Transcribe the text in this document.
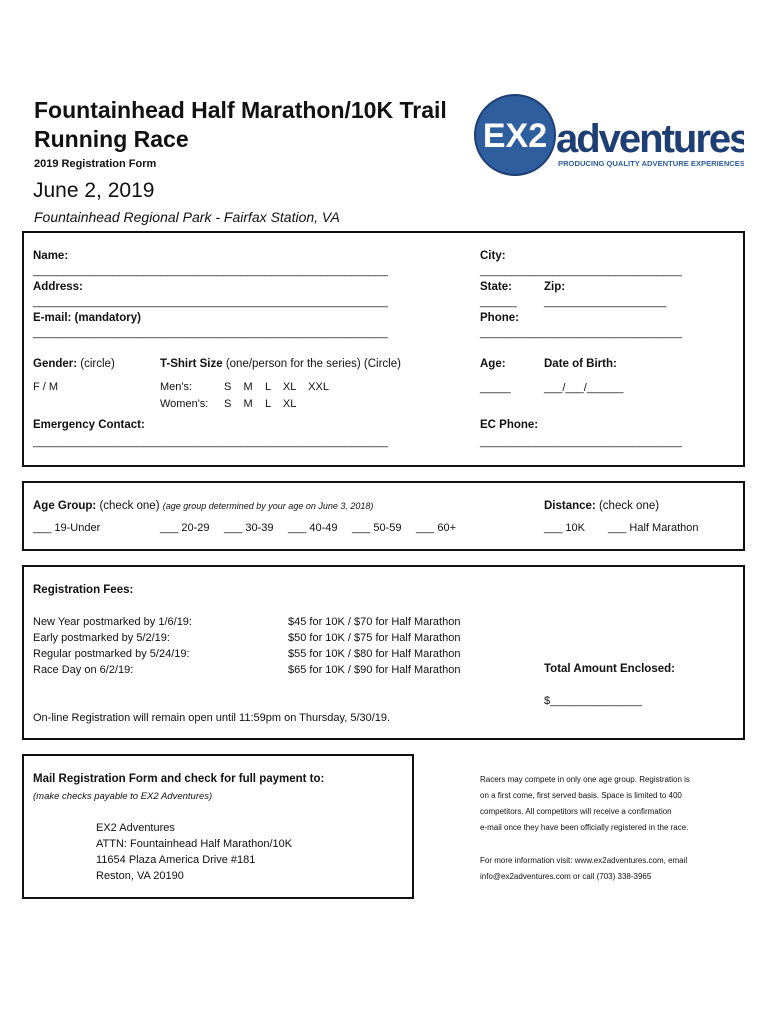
Fountainhead Half Marathon/10K Trail Running Race
2019 Registration Form
June 2, 2019
Fountainhead Regional Park - Fairfax Station, VA
EX2 adventures
PRODUCING QUALITY ADVENTURE EXPERIENCES
Name:
__________________________________________________________
Address:
__________________________________________________________
E-mail: (mandatory)
__________________________________________________________
City:
_________________________________
State:	Zip:
______ ____________________
Phone:
_________________________________
Gender: (circle)
F / M
T-Shirt Size (one/person for the series) (Circle)
Men's:	S    M    L    XL    XXL
Women's: S    M    L    XL
Age:
_____
Date of Birth:
___/___/______
Emergency Contact:
__________________________________________________________
EC Phone:
_________________________________
Age Group: (check one) (age group determined by your age on June 3, 2018)
___ 19-Under	___ 20-29 ___ 30-39 ___ 40-49 ___ 50-59 ___ 60+
Distance: (check one)
___ 10K ___ Half Marathon
Registration Fees:
New Year postmarked by 1/6/19:	$45 for 10K / $70 for Half Marathon
Early postmarked by 5/2/19:	$50 for 10K / $75 for Half Marathon
Regular postmarked by 5/24/19:	$55 for 10K / $80 for Half Marathon
Race Day on 6/2/19:	$65 for 10K / $90 for Half Marathon	Total Amount Enclosed:
$_______________
On-line Registration will remain open until 11:59pm on Thursday, 5/30/19.
Mail Registration Form and check for full payment to:
(make checks payable to EX2 Adventures)
EX2 Adventures
ATTN: Fountainhead Half Marathon/10K
11654 Plaza America Drive #181
Reston, VA 20190
Racers may compete in only one age group. Registration is
on a first come, first served basis. Space is limited to 400
competitors. All competitors will receive a confirmation
e-mail once they have been officially registered in the race.
For more information visit: www.ex2adventures.com, email
info@ex2adventures.com or call (703) 338-3965
